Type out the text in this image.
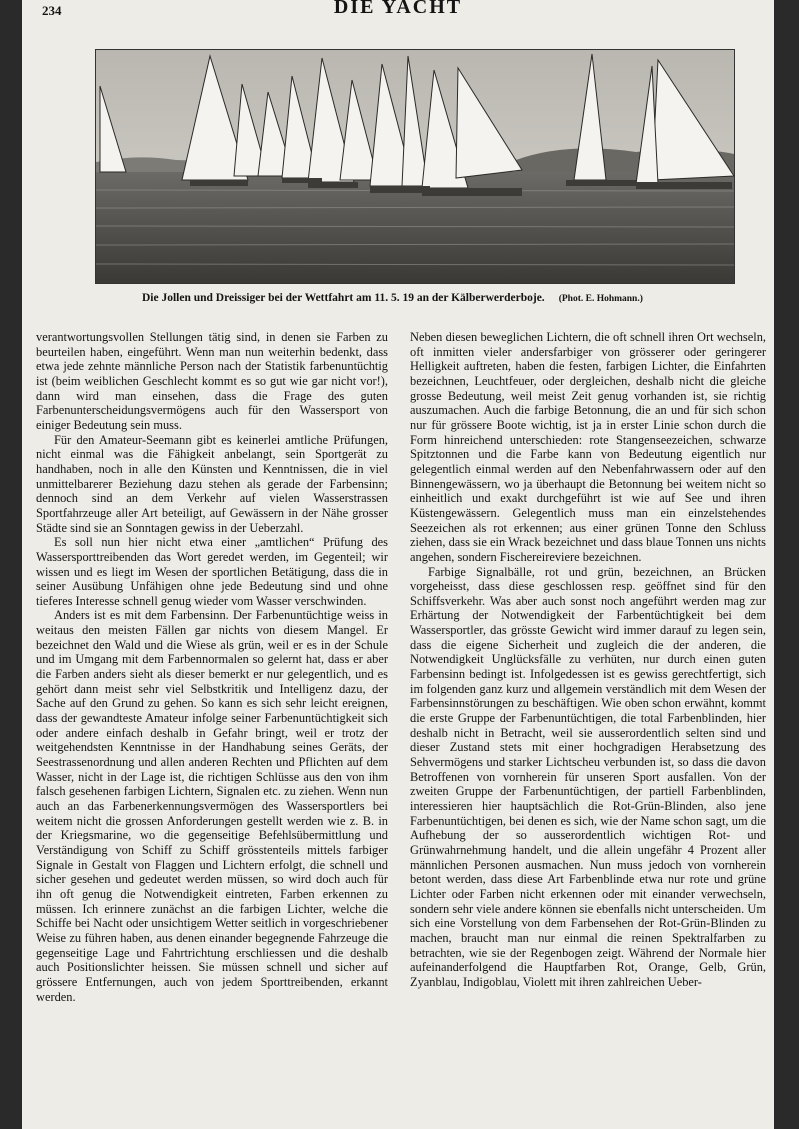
234	DIE YACHT
Die Jollen und Dreissiger bei der Wettfahrt am 11. 5. 19 an der Kälberwerderboje. (Phot. E. Hohmann.)

verantwortungsvollen Stellungen tätig sind, in denen sie Farben zu beurteilen haben, eingeführt. Wenn man nun weiterhin bedenkt, dass etwa jede zehnte männliche Person nach der Statistik farbenuntüchtig ist (beim weiblichen Geschlecht kommt es so gut wie gar nicht vor!), dann wird man einsehen, dass die Frage des guten Farbenunterscheidungsvermögens auch für den Wassersport von einiger Bedeutung sein muss.

Für den Amateur-Seemann gibt es keinerlei amtliche Prüfungen, nicht einmal was die Fähigkeit anbelangt, sein Sportgerät zu handhaben, noch in alle den Künsten und Kenntnissen, die in viel unmittelbarerer Beziehung dazu stehen als gerade der Farbensinn; dennoch sind an dem Verkehr auf vielen Wasserstrassen Sportfahrzeuge aller Art beteiligt, auf Gewässern in der Nähe grosser Städte sind sie an Sonntagen gewiss in der Ueberzahl.

Es soll nun hier nicht etwa einer „amtlichen“ Prüfung des Wassersporttreibenden das Wort geredet werden, im Gegenteil; wir wissen und es liegt im Wesen der sportlichen Betätigung, dass die in seiner Ausübung Unfähigen ohne jede Bedeutung sind und ohne tieferes Interesse schnell genug wieder vom Wasser verschwinden.

Anders ist es mit dem Farbensinn. Der Farbenuntüchtige weiss in weitaus den meisten Fällen gar nichts von diesem Mangel. Er bezeichnet den Wald und die Wiese als grün, weil er es in der Schule und im Umgang mit dem Farbennormalen so gelernt hat, dass er aber die Farben anders sieht als dieser bemerkt er nur gelegentlich, und es gehört dann meist sehr viel Selbstkritik und Intelligenz dazu, der Sache auf den Grund zu gehen. So kann es sich sehr leicht ereignen, dass der gewandteste Amateur infolge seiner Farbenuntüchtigkeit sich oder andere einfach deshalb in Gefahr bringt, weil er trotz der weitgehendsten Kenntnisse in der Handhabung seines Geräts, der Seestrassenordnung und allen anderen Rechten und Pflichten auf dem Wasser, nicht in der Lage ist, die richtigen Schlüsse aus den von ihm falsch gesehenen farbigen Lichtern, Signalen etc. zu ziehen. Wenn nun auch an das Farbenerkennungsvermögen des Wassersportlers bei weitem nicht die grossen Anforderungen gestellt werden wie z. B. in der Kriegsmarine, wo die gegenseitige Befehlsübermittlung und Verständigung von Schiff zu Schiff grösstenteils mittels farbiger Signale in Gestalt von Flaggen und Lichtern erfolgt, die schnell und sicher gesehen und gedeutet werden müssen, so wird doch auch für ihn oft genug die Notwendigkeit eintreten, Farben erkennen zu müssen. Ich erinnere zunächst an die farbigen Lichter, welche die Schiffe bei Nacht oder unsichtigem Wetter seitlich in vorgeschriebener Weise zu führen haben, aus denen einander begegnende Fahrzeuge die gegenseitige Lage und Fahrtrichtung erschliessen und die deshalb auch Positionslichter heissen. Sie müssen schnell und sicher auf grössere Entfernungen, auch von jedem Sporttreibenden, erkannt werden.

Neben diesen beweglichen Lichtern, die oft schnell ihren Ort wechseln, oft inmitten vieler andersfarbiger von grösserer oder geringerer Helligkeit auftreten, haben die festen, farbigen Lichter, die Einfahrten bezeichnen, Leuchtfeuer, oder dergleichen, deshalb nicht die gleiche grosse Bedeutung, weil meist Zeit genug vorhanden ist, sie richtig auszumachen. Auch die farbige Betonnung, die an und für sich schon nur für grössere Boote wichtig, ist ja in erster Linie schon durch die Form hinreichend unterschieden: rote Stangenseezeichen, schwarze Spitztonnen und die Farbe kann von Bedeutung eigentlich nur gelegentlich einmal werden auf den Nebenfahrwassern oder auf den Binnengewässern, wo ja überhaupt die Betonnung bei weitem nicht so einheitlich und exakt durchgeführt ist wie auf See und ihren Küstengewässern. Gelegentlich muss man ein einzelstehendes Seezeichen als rot erkennen; aus einer grünen Tonne den Schluss ziehen, dass sie ein Wrack bezeichnet und dass blaue Tonnen uns nichts angehen, sondern Fischereireviere bezeichnen.

Farbige Signalbälle, rot und grün, bezeichnen, an Brücken vorgeheisst, dass diese geschlossen resp. geöffnet sind für den Schiffsverkehr. Was aber auch sonst noch angeführt werden mag zur Erhärtung der Notwendigkeit der Farbentüchtigkeit bei dem Wassersportler, das grösste Gewicht wird immer darauf zu legen sein, dass die eigene Sicherheit und zugleich die der anderen, die Notwendigkeit Unglücksfälle zu verhüten, nur durch einen guten Farbensinn bedingt ist. Infolgedessen ist es gewiss gerechtfertigt, sich im folgenden ganz kurz und allgemein verständlich mit dem Wesen der Farbensinnstörungen zu beschäftigen. Wie oben schon erwähnt, kommt die erste Gruppe der Farbenuntüchtigen, die total Farbenblinden, hier deshalb nicht in Betracht, weil sie ausserordentlich selten sind und dieser Zustand stets mit einer hochgradigen Herabsetzung des Sehvermögens und starker Lichtscheu verbunden ist, so dass die davon Betroffenen von vornherein für unseren Sport ausfallen. Von der zweiten Gruppe der Farbenuntüchtigen, der partiell Farbenblinden, interessieren hier hauptsächlich die Rot-Grün-Blinden, also jene Farbenuntüchtigen, bei denen es sich, wie der Name schon sagt, um die Aufhebung der so ausserordentlich wichtigen Rot- und Grünwahrnehmung handelt, und die allein ungefähr 4 Prozent aller männlichen Personen ausmachen. Nun muss jedoch von vornherein betont werden, dass diese Art Farbenblinde etwa nur rote und grüne Lichter oder Farben nicht erkennen oder mit einander verwechseln, sondern sehr viele andere können sie ebenfalls nicht unterscheiden. Um sich eine Vorstellung von dem Farbensehen der Rot-Grün-Blinden zu machen, braucht man nur einmal die reinen Spektralfarben zu betrachten, wie sie der Regenbogen zeigt. Während der Normale hier aufeinanderfolgend die Hauptfarben Rot, Orange, Gelb, Grün, Zyanblau, Indigoblau, Violett mit ihren zahlreichen Ueber-
